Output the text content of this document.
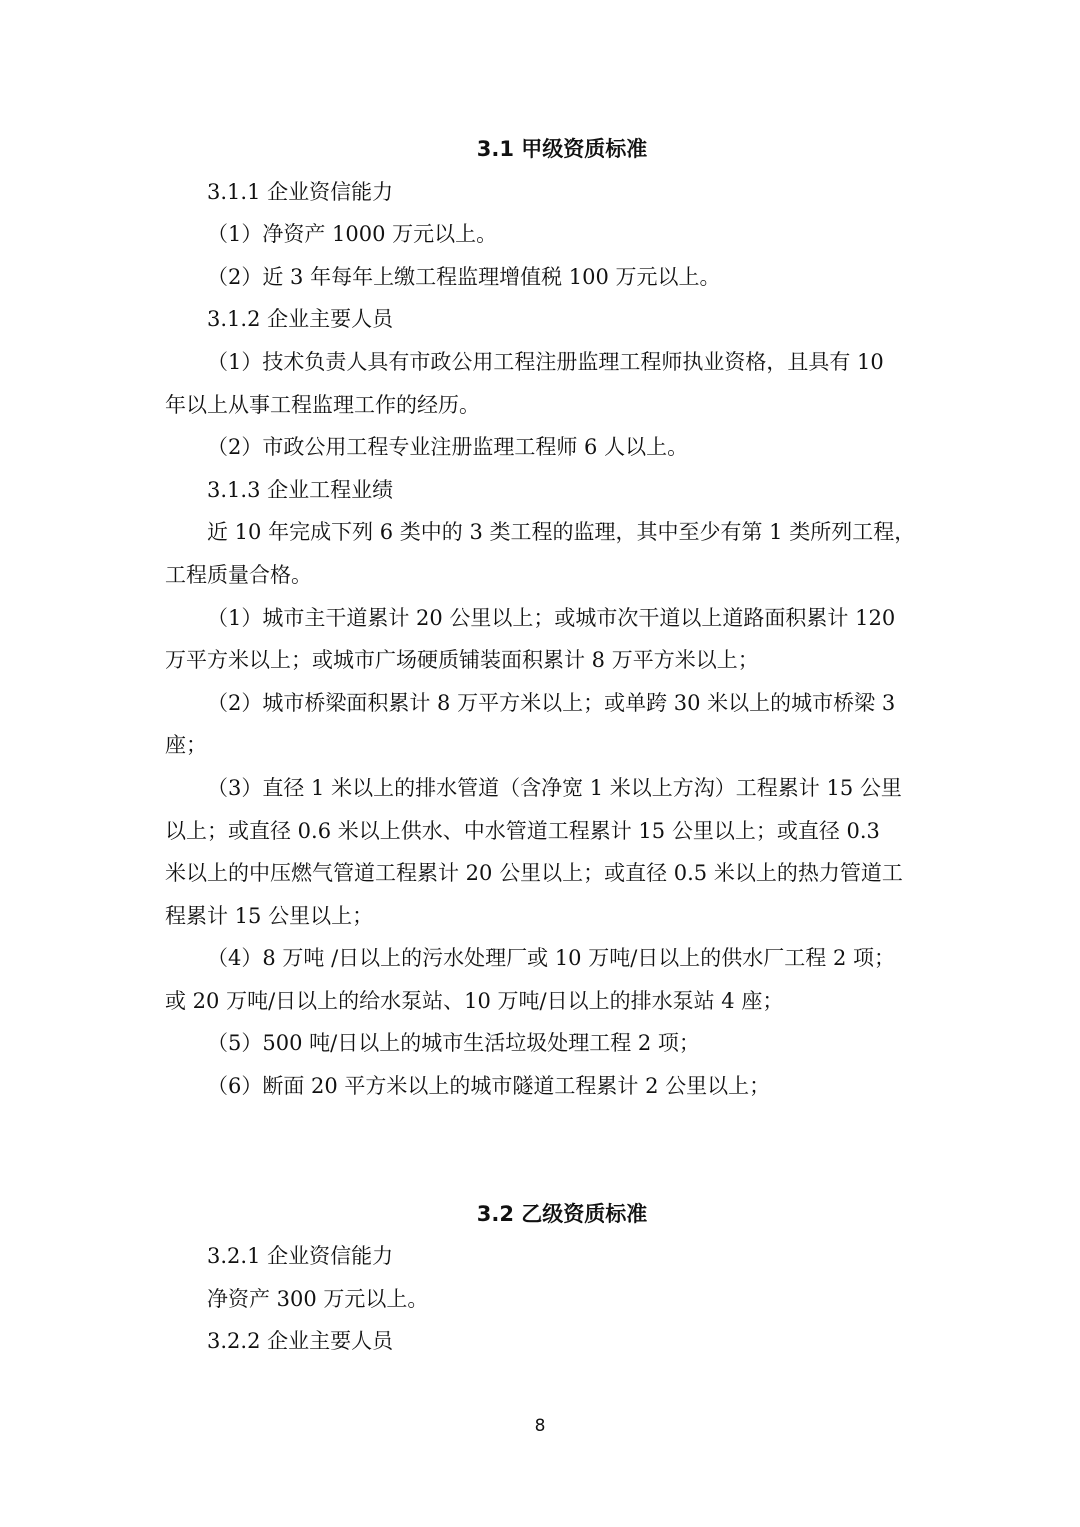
3.1 甲级资质标准

3.1.1 企业资信能力

（1）净资产 1000 万元以上。

（2）近 3 年每年上缴工程监理增值税 100 万元以上。

3.1.2 企业主要人员

（1）技术负责人具有市政公用工程注册监理工程师执业资格，且具有 10

年以上从事工程监理工作的经历。

（2）市政公用工程专业注册监理工程师 6 人以上。

3.1.3 企业工程业绩

近 10 年完成下列 6 类中的 3 类工程的监理，其中至少有第 1 类所列工程，

工程质量合格。

（1）城市主干道累计 20 公里以上；或城市次干道以上道路面积累计 120

万平方米以上；或城市广场硬质铺装面积累计 8 万平方米以上；

（2）城市桥梁面积累计 8 万平方米以上；或单跨 30 米以上的城市桥梁 3

座；

（3）直径 1 米以上的排水管道（含净宽 1 米以上方沟）工程累计 15 公里

以上；或直径 0.6 米以上供水、中水管道工程累计 15 公里以上；或直径 0.3

米以上的中压燃气管道工程累计 20 公里以上；或直径 0.5 米以上的热力管道工

程累计 15 公里以上；

（4）8 万吨 /日以上的污水处理厂或 10 万吨/日以上的供水厂工程 2 项；

或 20 万吨/日以上的给水泵站、10 万吨/日以上的排水泵站 4 座；

（5）500 吨/日以上的城市生活垃圾处理工程 2 项；

（6）断面 20 平方米以上的城市隧道工程累计 2 公里以上；

3.2 乙级资质标准

3.2.1 企业资信能力

净资产 300 万元以上。

3.2.2 企业主要人员

8
